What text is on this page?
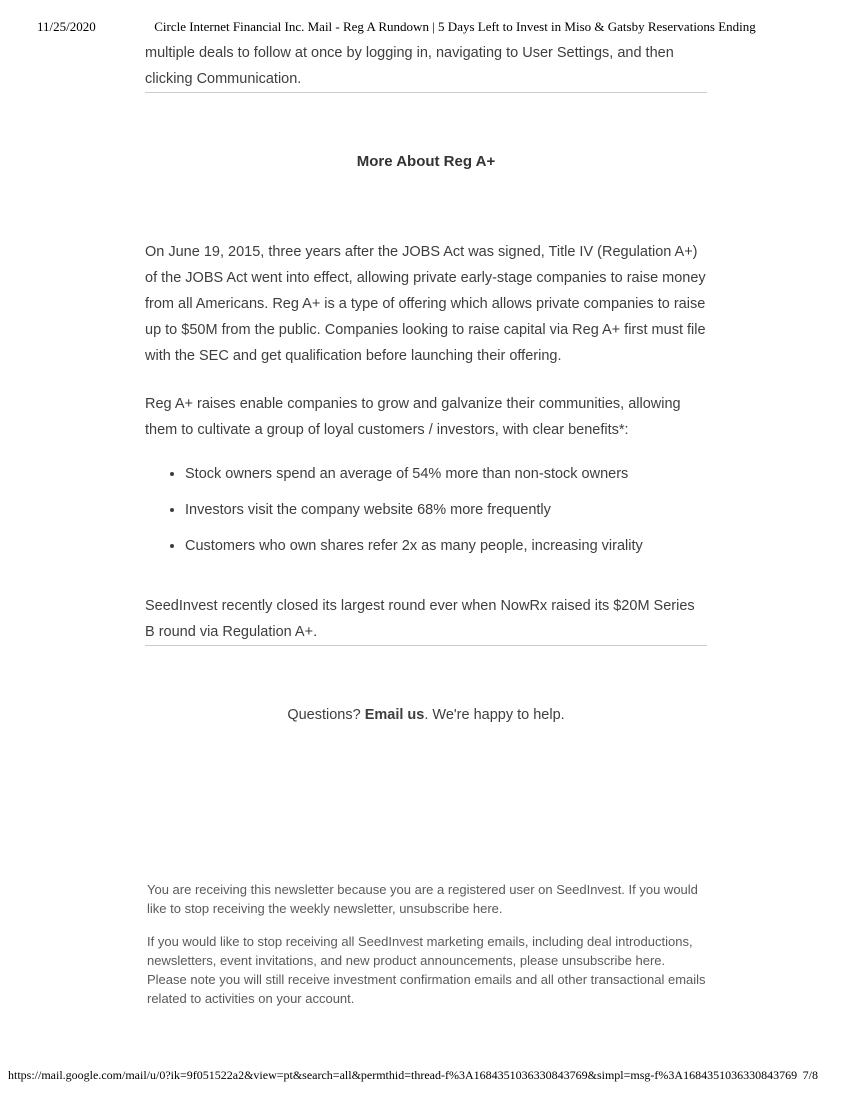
11/25/2020	Circle Internet Financial Inc. Mail - Reg A Rundown | 5 Days Left to Invest in Miso & Gatsby Reservations Ending

multiple deals to follow at once by logging in, navigating to User Settings, and then clicking Communication.

More About Reg A+

On June 19, 2015, three years after the JOBS Act was signed, Title IV (Regulation A+) of the JOBS Act went into effect, allowing private early-stage companies to raise money from all Americans. Reg A+ is a type of offering which allows private companies to raise up to $50M from the public. Companies looking to raise capital via Reg A+ first must file with the SEC and get qualification before launching their offering.

Reg A+ raises enable companies to grow and galvanize their communities, allowing them to cultivate a group of loyal customers / investors, with clear benefits*:

• Stock owners spend an average of 54% more than non-stock owners
• Investors visit the company website 68% more frequently
• Customers who own shares refer 2x as many people, increasing virality

SeedInvest recently closed its largest round ever when NowRx raised its $20M Series B round via Regulation A+.

Questions? Email us. We're happy to help.

You are receiving this newsletter because you are a registered user on SeedInvest. If you would like to stop receiving the weekly newsletter, unsubscribe here.

If you would like to stop receiving all SeedInvest marketing emails, including deal introductions, newsletters, event invitations, and new product announcements, please unsubscribe here. Please note you will still receive investment confirmation emails and all other transactional emails related to activities on your account.

https://mail.google.com/mail/u/0?ik=9f051522a2&view=pt&search=all&permthid=thread-f%3A1684351036330843769&simpl=msg-f%3A1684351036330843769 7/8
